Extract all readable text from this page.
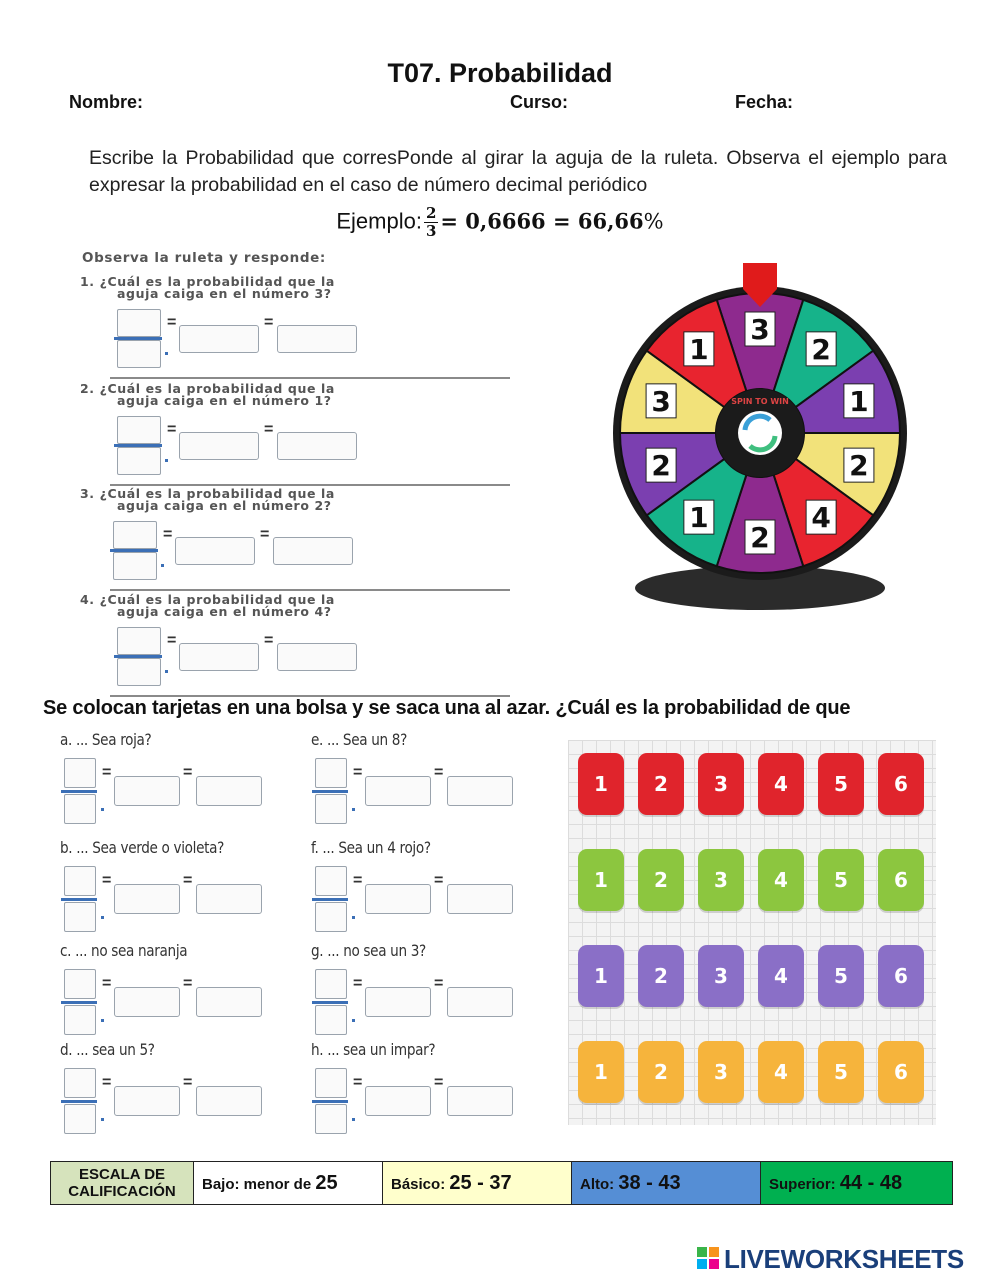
T07. Probabilidad
Nombre:	Curso:	Fecha:
Escribe la Probabilidad que corresPonde al girar la aguja de la ruleta. Observa el ejemplo para expresar la probabilidad en el caso de número decimal periódico
Ejemplo: $\frac{2}{3} = 0,6666 = 66,66\%$
Observa la ruleta y responde:
1. ¿Cuál es la probabilidad que la
aguja caiga en el número 3?
=	=
2. ¿Cuál es la probabilidad que la
aguja caiga en el número 1?
=	=
3. ¿Cuál es la probabilidad que la
aguja caiga en el número 2?
=	=
4. ¿Cuál es la probabilidad que la
aguja caiga en el número 4?
=	=
3
2
1
2
4
2
1
2
3
1
SPIN TO WIN
Se colocan tarjetas en una bolsa y se saca una al azar. ¿Cuál es la probabilidad de que
a. ... Sea roja?
=	=
b. ... Sea verde o violeta?
=	=
c. ... no sea naranja
=	=
d. ... sea un 5?
=	=
e. ... Sea un 8?
=	=
f. ... Sea un 4 rojo?
=	=
g. ... no sea un 3?
=	=
h. ... sea un impar?
=	=
1	2	3	4	5	6
1	2	3	4	5	6
1	2	3	4	5	6
1	2	3	4	5	6
ESCALA DE
CALIFICACIÓN	Bajo: menor de 25	Básico: 25 - 37	Alto: 38 - 43	Superior: 44 - 48
LIVEWORKSHEETS
